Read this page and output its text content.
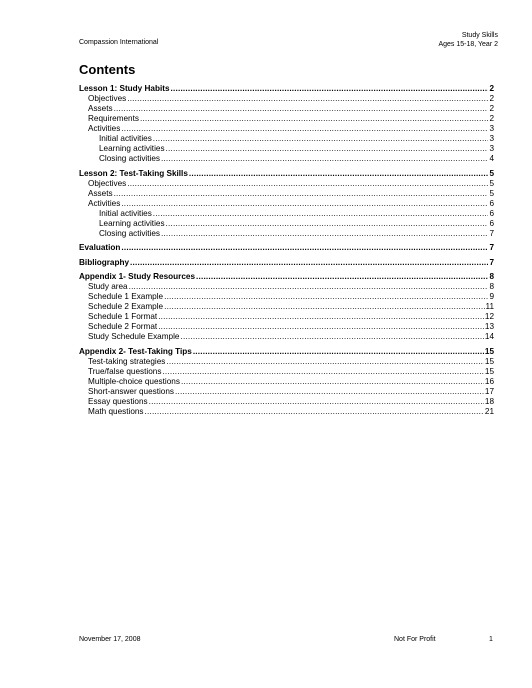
Compassion International
Study Skills
Ages 15-18, Year 2
Contents
Lesson 1: Study Habits .....	2
Objectives .....	2
Assets .....	2
Requirements .....	2
Activities .....	3
Initial activities .....	3
Learning activities .....	3
Closing activities .....	4
Lesson 2: Test-Taking Skills .....	5
Objectives .....	5
Assets .....	5
Activities .....	6
Initial activities .....	6
Learning activities .....	6
Closing activities .....	7
Evaluation .....	7
Bibliography .....	7
Appendix 1- Study Resources .....	8
Study area .....	8
Schedule 1 Example .....	9
Schedule 2 Example .....	11
Schedule 1 Format .....	12
Schedule 2 Format .....	13
Study Schedule Example .....	14
Appendix 2- Test-Taking Tips .....	15
Test-taking strategies .....	15
True/false questions .....	15
Multiple-choice questions .....	16
Short-answer questions .....	17
Essay questions .....	18
Math questions .....	21
November 17, 2008	Not For Profit	1
